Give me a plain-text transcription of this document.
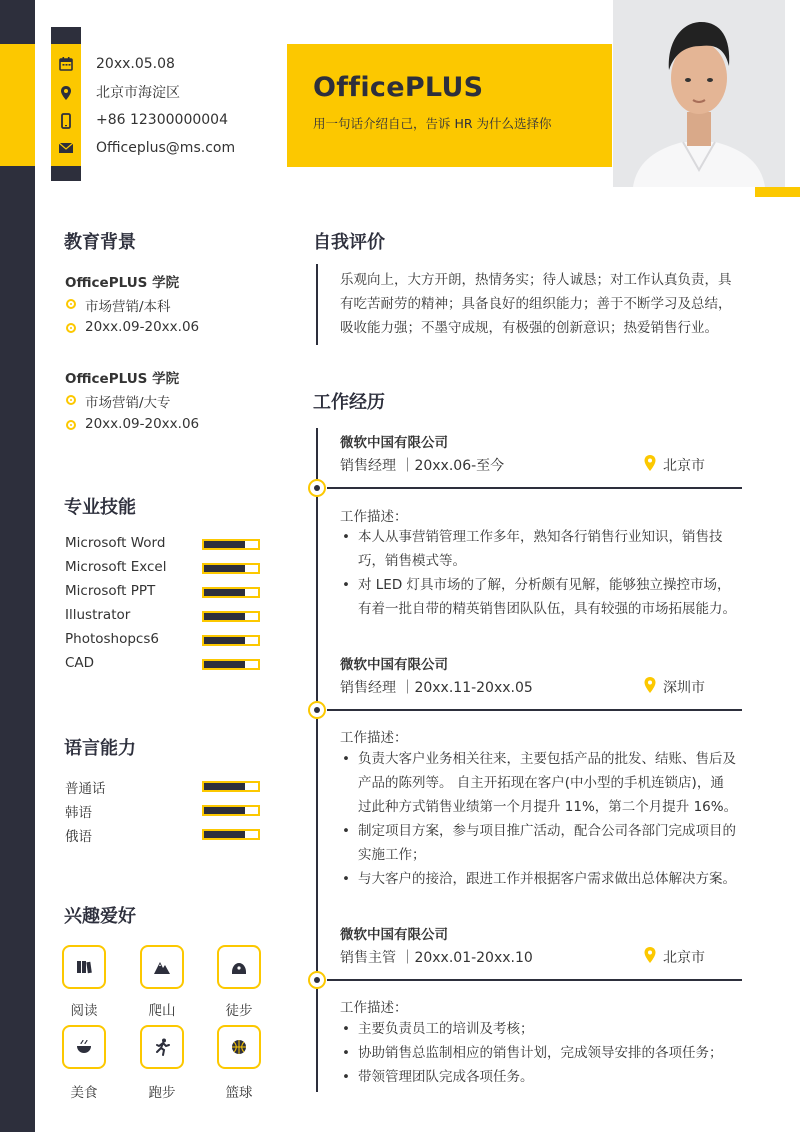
20xx.05.08
北京市海淀区
+86 12300000004
Officeplus@ms.com
OfficePLUS
用一句话介绍自己，告诉 HR 为什么选择你
教育背景
OfficePLUS 学院
市场营销/本科
20xx.09-20xx.06
OfficePLUS 学院
市场营销/大专
20xx.09-20xx.06
专业技能
Microsoft Word
Microsoft Excel
Microsoft PPT
Illustrator
Photoshopcs6
CAD
语言能力
普通话
韩语
俄语
兴趣爱好
阅读	爬山	徒步
美食	跑步	篮球
自我评价
乐观向上，大方开朗，热情务实；待人诚恳；对工作认真负责，具
有吃苦耐劳的精神；具备良好的组织能力；善于不断学习及总结，
吸收能力强；不墨守成规，有极强的创新意识；热爱销售行业。
工作经历
微软中国有限公司
销售经理 ｜20xx.06-至今	北京市
工作描述：
• 本人从事营销管理工作多年，熟知各行销售行业知识，销售技
巧，销售模式等。
• 对 LED 灯具市场的了解，分析颇有见解，能够独立操控市场，
有着一批自带的精英销售团队队伍，具有较强的市场拓展能力。
微软中国有限公司
销售经理 ｜20xx.11-20xx.05	深圳市
工作描述：
• 负责大客户业务相关往来，主要包括产品的批发、结账、售后及
产品的陈列等。 自主开拓现在客户(中小型的手机连锁店)，通
过此种方式销售业绩第一个月提升 11%，第二个月提升 16%。
• 制定项目方案，参与项目推广活动，配合公司各部门完成项目的
实施工作；
• 与大客户的接洽，跟进工作并根据客户需求做出总体解决方案。
微软中国有限公司
销售主管 ｜20xx.01-20xx.10	北京市
工作描述：
• 主要负责员工的培训及考核；
• 协助销售总监制相应的销售计划，完成领导安排的各项任务；
• 带领管理团队完成各项任务。
